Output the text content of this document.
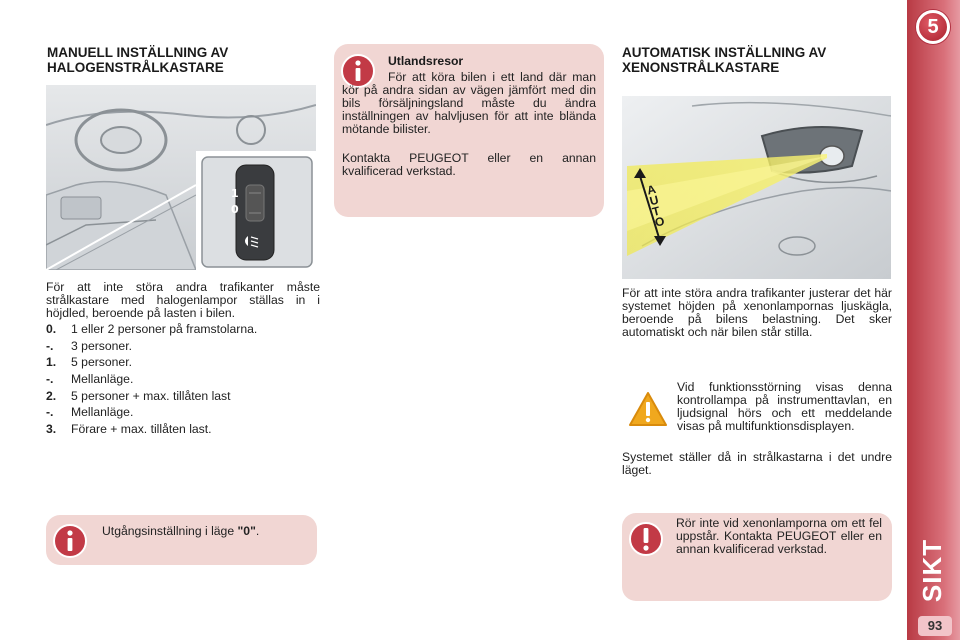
MANUELL INSTÄLLNING AV HALOGENSTRÅLKASTARE
1
0
För att inte störa andra trafikanter måste strålkastare med halogenlampor ställas in i höjdled, beroende på lasten i bilen.
0.	1 eller 2 personer på framstolarna.
-.	3 personer.
1.	5 personer.
-.	Mellanläge.
2.	5 personer + max. tillåten last
-.	Mellanläge.
3.	Förare + max. tillåten last.
Utgångsinställning i läge "0".
Utlandsresor
För att köra bilen i ett land där man kör på andra sidan av vägen jämfört med din bils försäljningsland måste du ändra inställningen av halvljusen för att inte blända mötande bilister.
Kontakta PEUGEOT eller en annan kvalificerad verkstad.
AUTOMATISK INSTÄLLNING AV XENONSTRÅLKASTARE
AUTO
För att inte störa andra trafikanter justerar det här systemet höjden på xenonlampornas ljuskägla, beroende på bilens belastning. Det sker automatiskt och när bilen står stilla.
Vid funktionsstörning visas denna kontrollampa på instrumenttavlan, en ljudsignal hörs och ett meddelande visas på multifunktionsdisplayen.
Systemet ställer då in strålkastarna i det undre läget.
Rör inte vid xenonlamporna om ett fel uppstår. Kontakta PEUGEOT eller en annan kvalificerad verkstad.
5
SIKT
93
